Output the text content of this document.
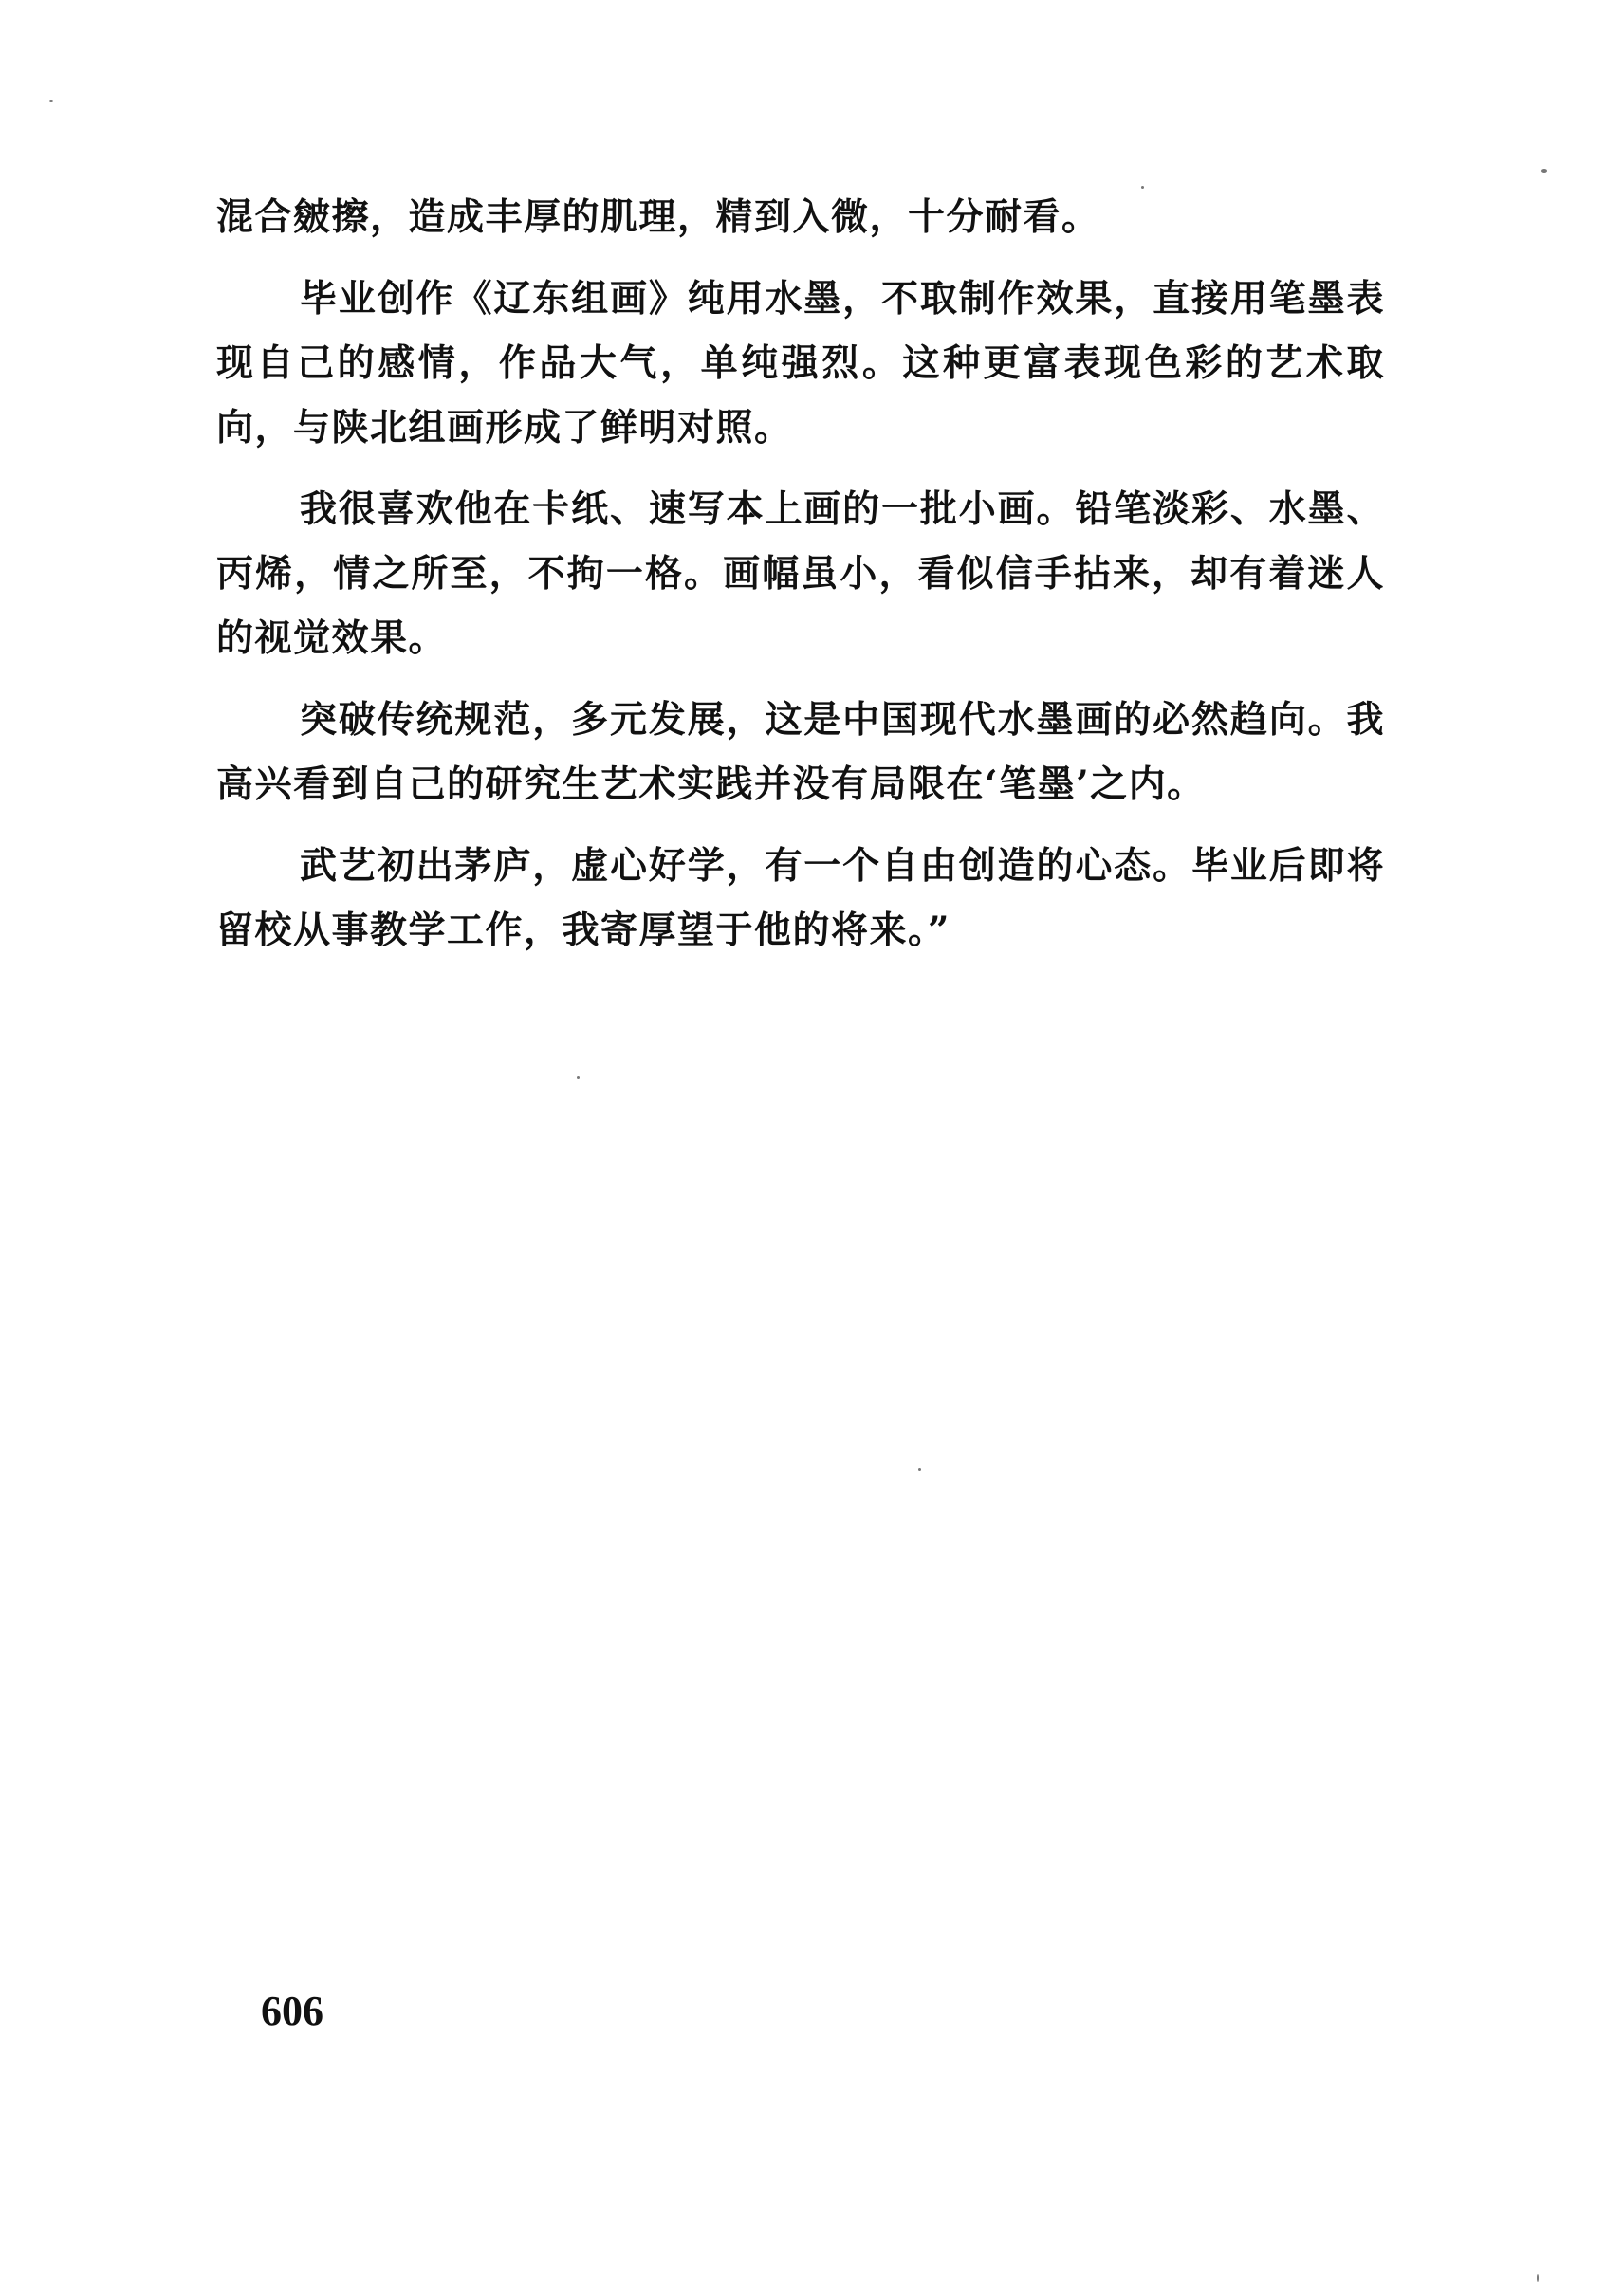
混合皴擦，造成丰厚的肌理，精到入微，十分耐看。

毕业创作《辽东组画》纯用水墨，不取制作效果，直接用笔墨表现自己的感情，作品大气，单纯强烈。这种更富表现色彩的艺术取向，与陕北组画形成了鲜明对照。

我很喜欢他在卡纸、速写本上画的一批小画。铅笔淡彩、水墨、丙烯，情之所至，不拘一格。画幅虽小，看似信手拈来，却有着迷人的视觉效果。

突破传统规范，多元发展，这是中国现代水墨画的必然趋向。我高兴看到自己的研究生艺术实践并没有局限在‘笔墨’之内。

武艺初出茅庐，虚心好学，有一个自由创造的心态。毕业后即将留校从事教学工作，我寄厚望于他的将来。”

606
